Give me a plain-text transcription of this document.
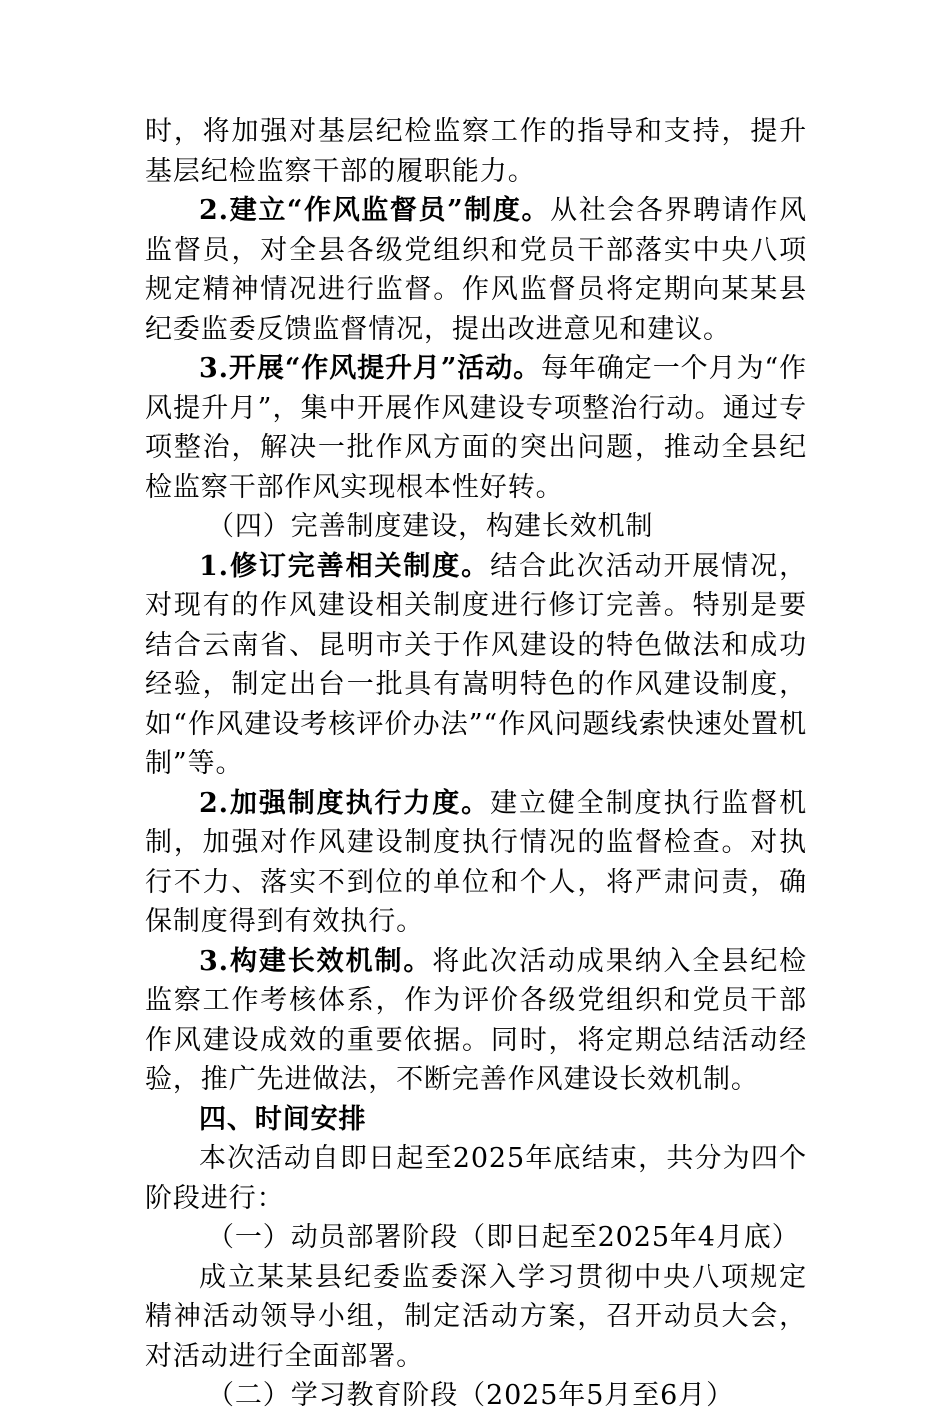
时，将加强对基层纪检监察工作的指导和支持，提升基层纪检监察干部的履职能力。

2.建立“作风监督员”制度。从社会各界聘请作风监督员，对全县各级党组织和党员干部落实中央八项规定精神情况进行监督。作风监督员将定期向某某县纪委监委反馈监督情况，提出改进意见和建议。

3.开展“作风提升月”活动。每年确定一个月为“作风提升月”，集中开展作风建设专项整治行动。通过专项整治，解决一批作风方面的突出问题，推动全县纪检监察干部作风实现根本性好转。

（四）完善制度建设，构建长效机制

1.修订完善相关制度。结合此次活动开展情况，对现有的作风建设相关制度进行修订完善。特别是要结合云南省、昆明市关于作风建设的特色做法和成功经验，制定出台一批具有嵩明特色的作风建设制度，如“作风建设考核评价办法”“作风问题线索快速处置机制”等。

2.加强制度执行力度。建立健全制度执行监督机制，加强对作风建设制度执行情况的监督检查。对执行不力、落实不到位的单位和个人，将严肃问责，确保制度得到有效执行。

3.构建长效机制。将此次活动成果纳入全县纪检监察工作考核体系，作为评价各级党组织和党员干部作风建设成效的重要依据。同时，将定期总结活动经验，推广先进做法，不断完善作风建设长效机制。

四、时间安排

本次活动自即日起至2025年底结束，共分为四个阶段进行：

（一）动员部署阶段（即日起至2025年4月底）

成立某某县纪委监委深入学习贯彻中央八项规定精神活动领导小组，制定活动方案，召开动员大会，对活动进行全面部署。

（二）学习教育阶段（2025年5月至6月）
